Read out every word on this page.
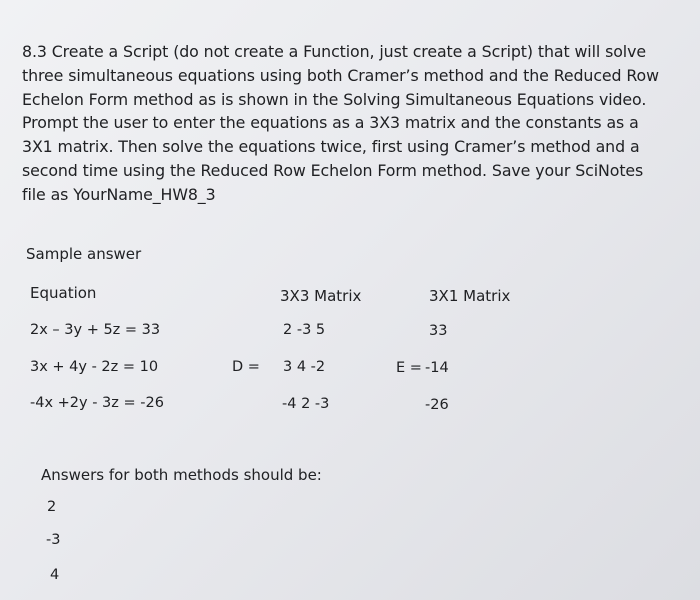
8.3 Create a Script (do not create a Function, just create a Script) that will solve

three simultaneous equations using both Cramer’s method and the Reduced Row

Echelon Form method as is shown in the Solving Simultaneous Equations video.

Prompt the user to enter the equations as a 3X3 matrix and the constants as a

3X1 matrix. Then solve the equations twice, first using Cramer’s method and a

second time using the Reduced Row Echelon Form method. Save your SciNotes

file as YourName_HW8_3

Sample answer
Equation	3X3 Matrix	3X1 Matrix
2x – 3y + 5z = 33
3x + 4y - 2z = 10
-4x +2y - 3z = -26
D =
2 -3 5
3 4 -2
-4 2 -3
E =
33
-14
-26
Answers for both methods should be:
2
-3
4
